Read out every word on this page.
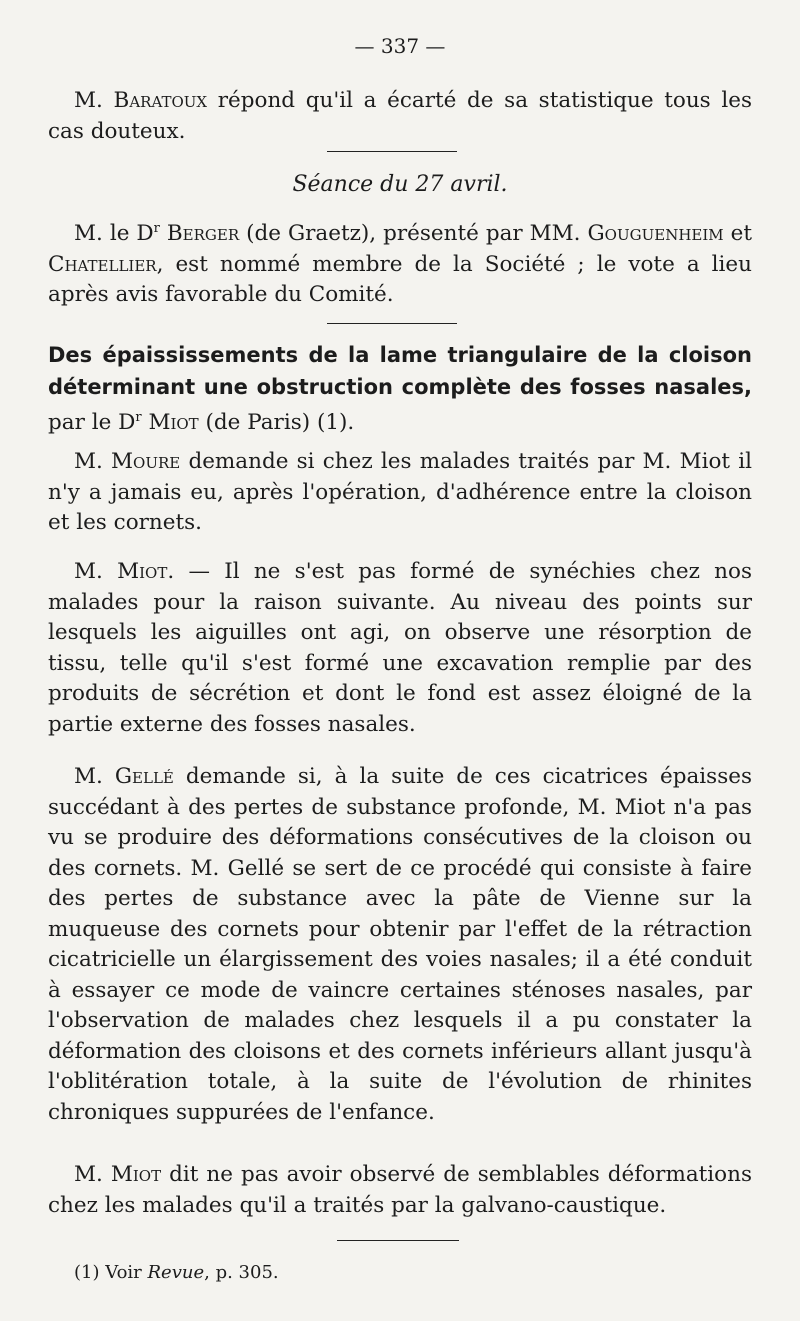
— 337 —

M. Baratoux répond qu'il a écarté de sa statistique tous les cas douteux.

Séance du 27 avril.

M. le $D^r$ Berger (de Graetz), présenté par MM. Gouguenheim et Chatellier, est nommé membre de la Société ; le vote a lieu après avis favorable du Comité.

Des épaississements de la lame triangulaire de la cloison déterminant une obstruction complète des fosses nasales, par le $D^r$ Miot (de Paris) (1).

M. Moure demande si chez les malades traités par M. Miot il n'y a jamais eu, après l'opération, d'adhérence entre la cloison et les cornets.

M. Miot. — Il ne s'est pas formé de synéchies chez nos malades pour la raison suivante. Au niveau des points sur lesquels les aiguilles ont agi, on observe une résorption de tissu, telle qu'il s'est formé une excavation remplie par des produits de sécrétion et dont le fond est assez éloigné de la partie externe des fosses nasales.

M. Gellé demande si, à la suite de ces cicatrices épaisses succédant à des pertes de substance profonde, M. Miot n'a pas vu se produire des déformations consécutives de la cloison ou des cornets. M. Gellé se sert de ce procédé qui consiste à faire des pertes de substance avec la pâte de Vienne sur la muqueuse des cornets pour obtenir par l'effet de la rétraction cicatricielle un élargissement des voies nasales; il a été conduit à essayer ce mode de vaincre certaines sténoses nasales, par l'observation de malades chez lesquels il a pu constater la déformation des cloisons et des cornets inférieurs allant jusqu'à l'oblitération totale, à la suite de l'évolution de rhinites chroniques suppurées de l'enfance.

M. Miot dit ne pas avoir observé de semblables déformations chez les malades qu'il a traités par la galvano-caustique.

(1) Voir Revue, p. 305.
